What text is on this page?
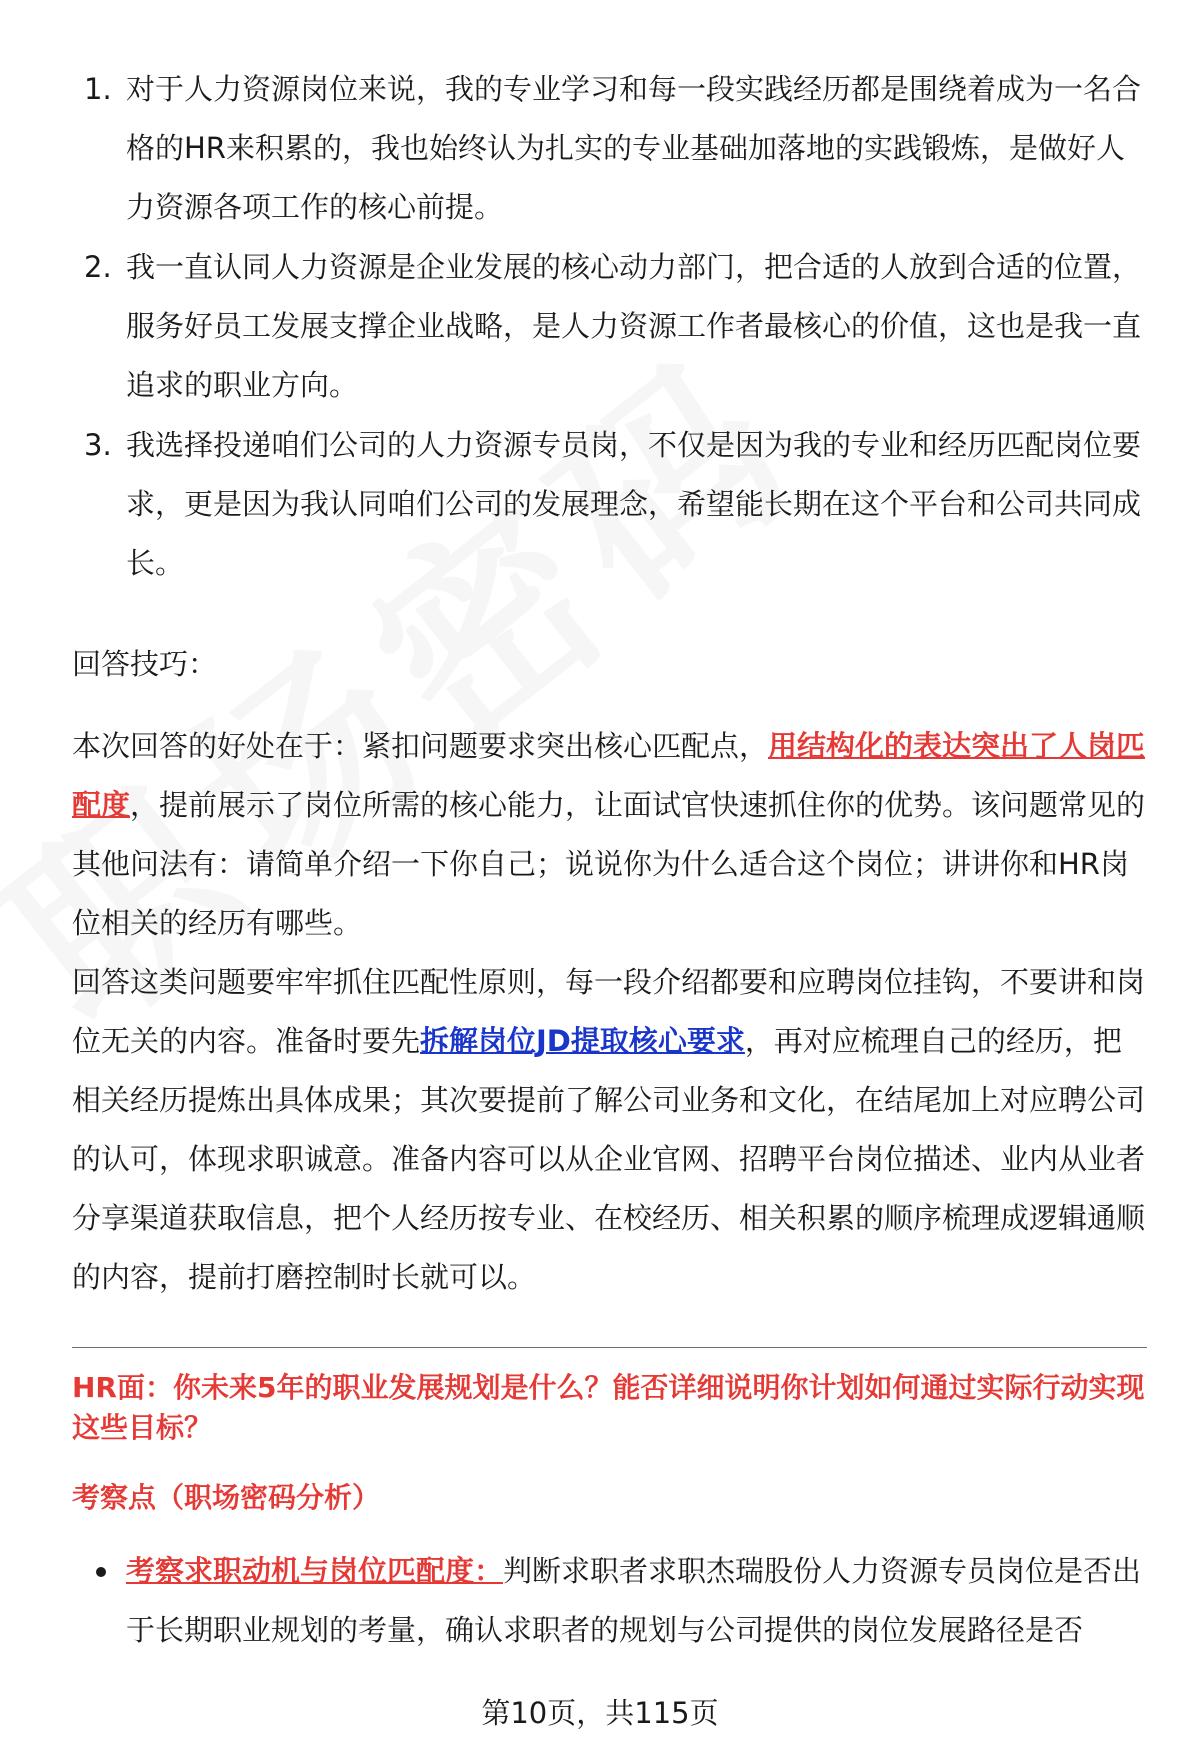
1. 对于人力资源岗位来说，我的专业学习和每一段实践经历都是围绕着成为一名合格的HR来积累的，我也始终认为扎实的专业基础加落地的实践锻炼，是做好人力资源各项工作的核心前提。
2. 我一直认同人力资源是企业发展的核心动力部门，把合适的人放到合适的位置，服务好员工发展支撑企业战略，是人力资源工作者最核心的价值，这也是我一直追求的职业方向。
3. 我选择投递咱们公司的人力资源专员岗，不仅是因为我的专业和经历匹配岗位要求，更是因为我认同咱们公司的发展理念，希望能长期在这个平台和公司共同成长。

回答技巧：

本次回答的好处在于：紧扣问题要求突出核心匹配点，用结构化的表达突出了人岗匹配度，提前展示了岗位所需的核心能力，让面试官快速抓住你的优势。该问题常见的其他问法有：请简单介绍一下你自己；说说你为什么适合这个岗位；讲讲你和HR岗位相关的经历有哪些。

回答这类问题要牢牢抓住匹配性原则，每一段介绍都要和应聘岗位挂钩，不要讲和岗位无关的内容。准备时要先拆解岗位JD提取核心要求，再对应梳理自己的经历，把相关经历提炼出具体成果；其次要提前了解公司业务和文化，在结尾加上对应聘公司的认可，体现求职诚意。准备内容可以从企业官网、招聘平台岗位描述、业内从业者分享渠道获取信息，把个人经历按专业、在校经历、相关积累的顺序梳理成逻辑通顺的内容，提前打磨控制时长就可以。

HR面：你未来5年的职业发展规划是什么？能否详细说明你计划如何通过实际行动实现这些目标？
考察点（职场密码分析）
考察求职动机与岗位匹配度：判断求职者求职杰瑞股份人力资源专员岗位是否出于长期职业规划的考量，确认求职者的规划与公司提供的岗位发展路径是否
第10页，共115页
